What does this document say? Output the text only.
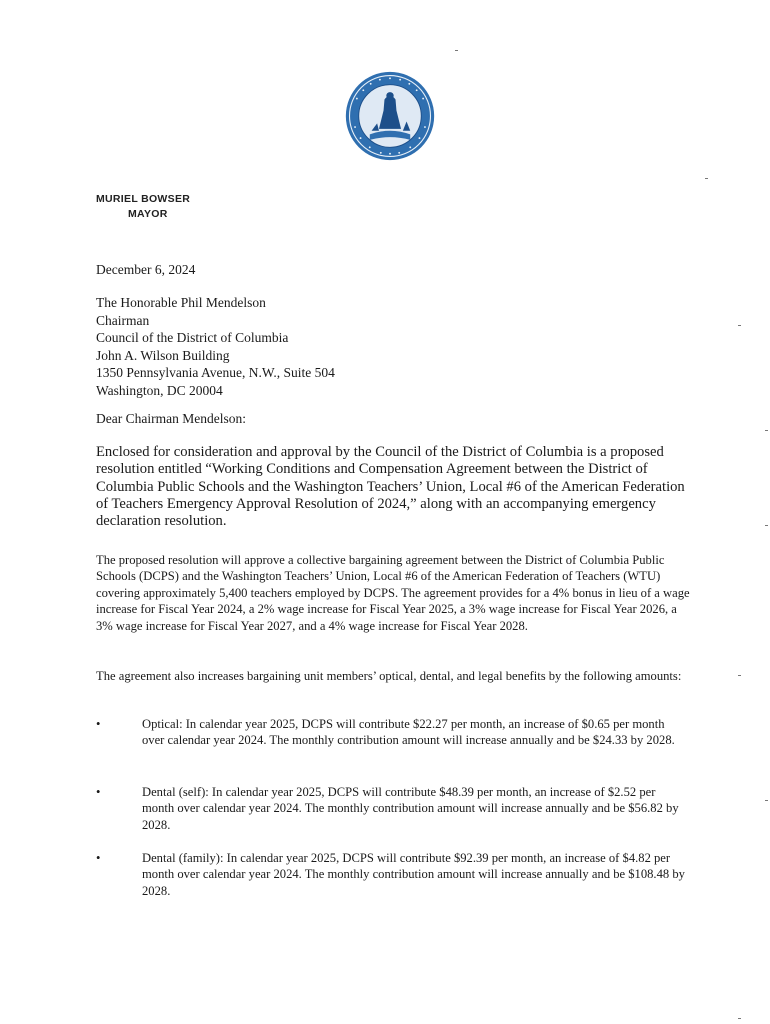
MURIEL BOWSER
MAYOR
December 6, 2024
The Honorable Phil Mendelson
Chairman
Council of the District of Columbia
John A. Wilson Building
1350 Pennsylvania Avenue, N.W., Suite 504
Washington, DC 20004
Dear Chairman Mendelson:

Enclosed for consideration and approval by the Council of the District of Columbia is a proposed resolution entitled “Working Conditions and Compensation Agreement between the District of Columbia Public Schools and the Washington Teachers’ Union, Local #6 of the American Federation of Teachers Emergency Approval Resolution of 2024,” along with an accompanying emergency declaration resolution.

The proposed resolution will approve a collective bargaining agreement between the District of Columbia Public Schools (DCPS) and the Washington Teachers’ Union, Local #6 of the American Federation of Teachers (WTU) covering approximately 5,400 teachers employed by DCPS. The agreement provides for a 4% bonus in lieu of a wage increase for Fiscal Year 2024, a 2% wage increase for Fiscal Year 2025, a 3% wage increase for Fiscal Year 2026, a 3% wage increase for Fiscal Year 2027, and a 4% wage increase for Fiscal Year 2028.

The agreement also increases bargaining unit members’ optical, dental, and legal benefits by the following amounts:

•	Optical: In calendar year 2025, DCPS will contribute $22.27 per month, an increase of $0.65 per month over calendar year 2024. The monthly contribution amount will increase annually and be $24.33 by 2028.

•	Dental (self): In calendar year 2025, DCPS will contribute $48.39 per month, an increase of $2.52 per month over calendar year 2024. The monthly contribution amount will increase annually and be $56.82 by 2028.

•	Dental (family): In calendar year 2025, DCPS will contribute $92.39 per month, an increase of $4.82 per month over calendar year 2024. The monthly contribution amount will increase annually and be $108.48 by 2028.
